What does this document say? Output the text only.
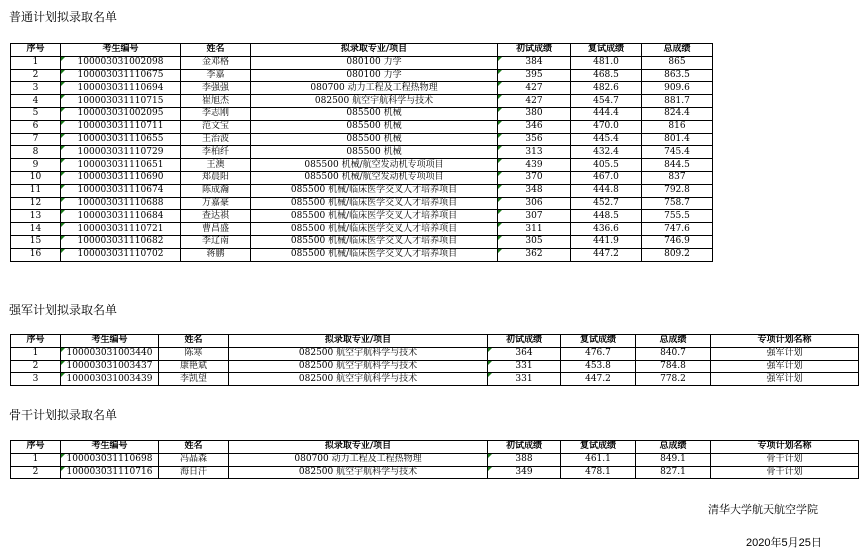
普通计划拟录取名单
序号	考生编号	姓名	拟录取专业/项目	初试成绩	复试成绩	总成绩
1	100003031002098	金邓格	080100 力学	384	481.0	865
2	100003031110675	李嘉	080100 力学	395	468.5	863.5
3	100003031110694	李强强	080700 动力工程及工程热物理	427	482.6	909.6
4	100003031110715	崔旭杰	082500 航空宇航科学与技术	427	454.7	881.7
5	100003031002095	李志刚	085500 机械	380	444.4	824.4
6	100003031110711	范文宝	085500 机械	346	470.0	816
7	100003031110655	王治波	085500 机械	356	445.4	801.4
8	100003031110729	李柏纤	085500 机械	313	432.4	745.4
9	100003031110651	王澳	085500 机械/航空发动机专项项目	439	405.5	844.5
10	100003031110690	郑晨阳	085500 机械/航空发动机专项项目	370	467.0	837
11	100003031110674	陈成瀚	085500 机械/临床医学交叉人才培养项目	348	444.8	792.8
12	100003031110688	万嘉豪	085500 机械/临床医学交叉人才培养项目	306	452.7	758.7
13	100003031110684	查达祺	085500 机械/临床医学交叉人才培养项目	307	448.5	755.5
14	100003031110721	曹昌盛	085500 机械/临床医学交叉人才培养项目	311	436.6	747.6
15	100003031110682	李辽南	085500 机械/临床医学交叉人才培养项目	305	441.9	746.9
16	100003031110702	蒋鹏	085500 机械/临床医学交叉人才培养项目	362	447.2	809.2
强军计划拟录取名单
序号	考生编号	姓名	拟录取专业/项目	初试成绩	复试成绩	总成绩	专项计划名称
1	100003031003440	陈寒	082500 航空宇航科学与技术	364	476.7	840.7	强军计划
2	100003031003437	康艳斌	082500 航空宇航科学与技术	331	453.8	784.8	强军计划
3	100003031003439	李凯望	082500 航空宇航科学与技术	331	447.2	778.2	强军计划
骨干计划拟录取名单
序号	考生编号	姓名	拟录取专业/项目	初试成绩	复试成绩	总成绩	专项计划名称
1	100003031110698	冯晶森	080700 动力工程及工程热物理	388	461.1	849.1	骨干计划
2	100003031110716	海日汗	082500 航空宇航科学与技术	349	478.1	827.1	骨干计划
清华大学航天航空学院
2020年5月25日
